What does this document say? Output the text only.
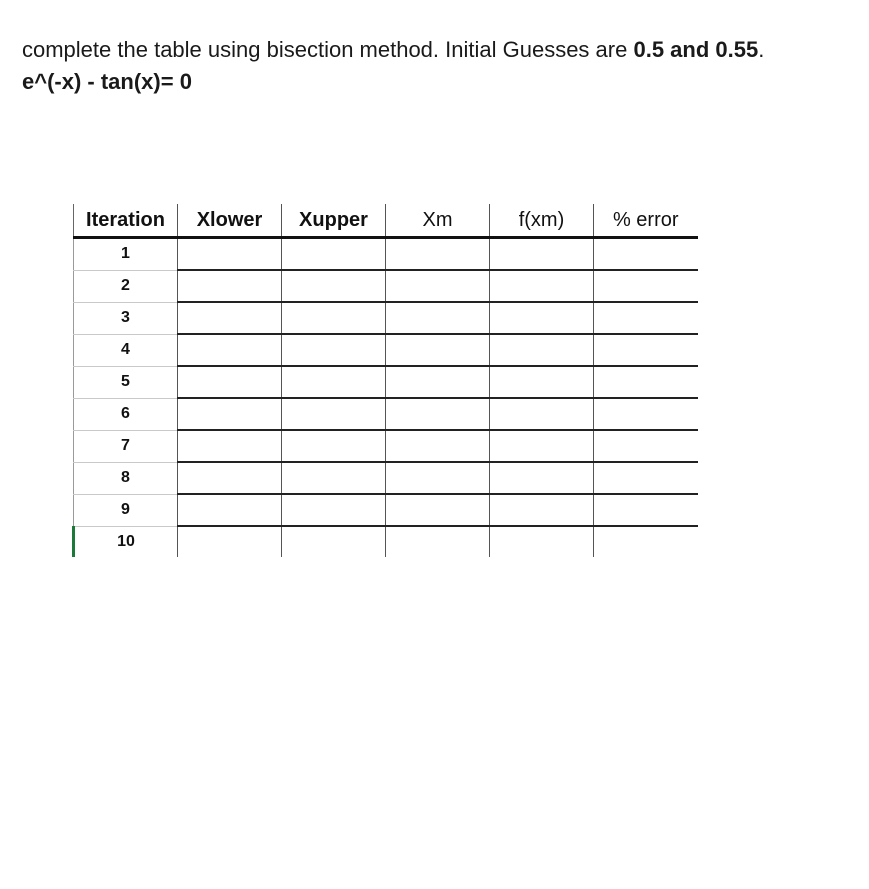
complete the table using bisection method. Initial Guesses are 0.5 and 0.55.
e^(-x) - tan(x)= 0
Iteration	Xlower	Xupper	Xm	f(xm)	% error
1					
2					
3					
4					
5					
6					
7					
8					
9					
10					
